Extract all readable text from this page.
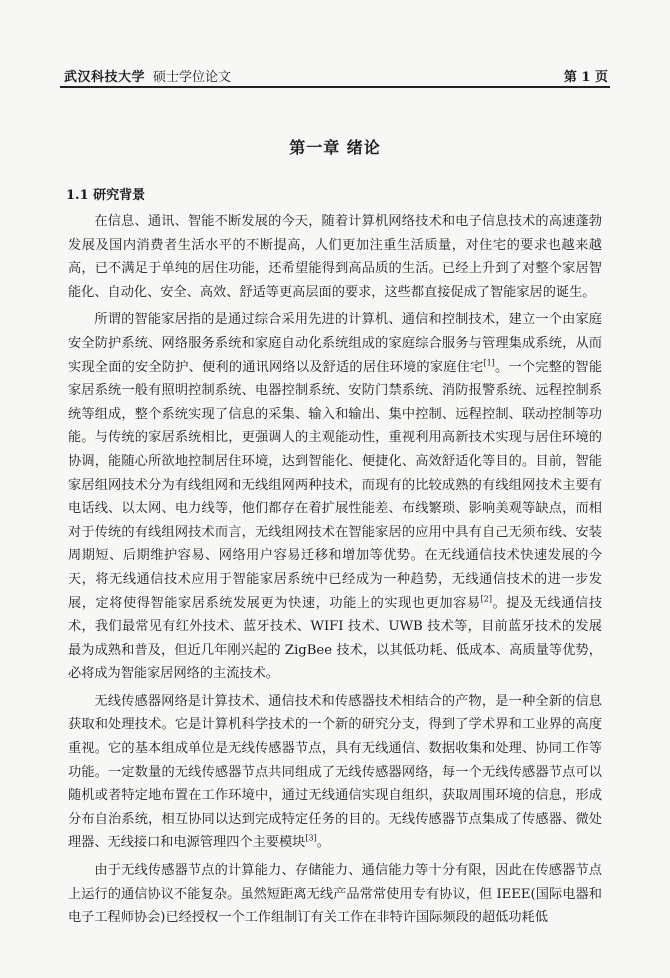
武汉科技大学 硕士学位论文	第 1 页
第一章 绪论
1.1 研究背景

在信息、通讯、智能不断发展的今天，随着计算机网络技术和电子信息技术的高速蓬勃发展及国内消费者生活水平的不断提高，人们更加注重生活质量，对住宅的要求也越来越高，已不满足于单纯的居住功能，还希望能得到高品质的生活。已经上升到了对整个家居智能化、自动化、安全、高效、舒适等更高层面的要求，这些都直接促成了智能家居的诞生。

所谓的智能家居指的是通过综合采用先进的计算机、通信和控制技术，建立一个由家庭安全防护系统、网络服务系统和家庭自动化系统组成的家庭综合服务与管理集成系统，从而实现全面的安全防护、便利的通讯网络以及舒适的居住环境的家庭住宅[1]。一个完整的智能家居系统一般有照明控制系统、电器控制系统、安防门禁系统、消防报警系统、远程控制系统等组成，整个系统实现了信息的采集、输入和输出、集中控制、远程控制、联动控制等功能。与传统的家居系统相比，更强调人的主观能动性，重视利用高新技术实现与居住环境的协调，能随心所欲地控制居住环境，达到智能化、便捷化、高效舒适化等目的。目前，智能家居组网技术分为有线组网和无线组网两种技术，而现有的比较成熟的有线组网技术主要有电话线、以太网、电力线等，他们都存在着扩展性能差、布线繁琐、影响美观等缺点，而相对于传统的有线组网技术而言，无线组网技术在智能家居的应用中具有自己无须布线、安装周期短、后期维护容易、网络用户容易迁移和增加等优势。在无线通信技术快速发展的今天，将无线通信技术应用于智能家居系统中已经成为一种趋势，无线通信技术的进一步发展，定将使得智能家居系统发展更为快速，功能上的实现也更加容易[2]。提及无线通信技术，我们最常见有红外技术、蓝牙技术、WIFI 技术、UWB 技术等，目前蓝牙技术的发展最为成熟和普及，但近几年刚兴起的 ZigBee 技术，以其低功耗、低成本、高质量等优势， 必将成为智能家居网络的主流技术。

无线传感器网络是计算技术、通信技术和传感器技术相结合的产物，是一种全新的信息获取和处理技术。它是计算机科学技术的一个新的研究分支，得到了学术界和工业界的高度重视。它的基本组成单位是无线传感器节点，具有无线通信、数据收集和处理、协同工作等功能。一定数量的无线传感器节点共同组成了无线传感器网络，每一个无线传感器节点可以随机或者特定地布置在工作环境中，通过无线通信实现自组织，获取周围环境的信息，形成分布自治系统，相互协同以达到完成特定任务的目的。无线传感器节点集成了传感器、微处理器、无线接口和电源管理四个主要模块[3]。

由于无线传感器节点的计算能力、存储能力、通信能力等十分有限，因此在传感器节点上运行的通信协议不能复杂。虽然短距离无线产品常常使用专有协议，但 IEEE(国际电器和电子工程师协会)已经授权一个工作组制订有关工作在非特许国际频段的超低功耗低
